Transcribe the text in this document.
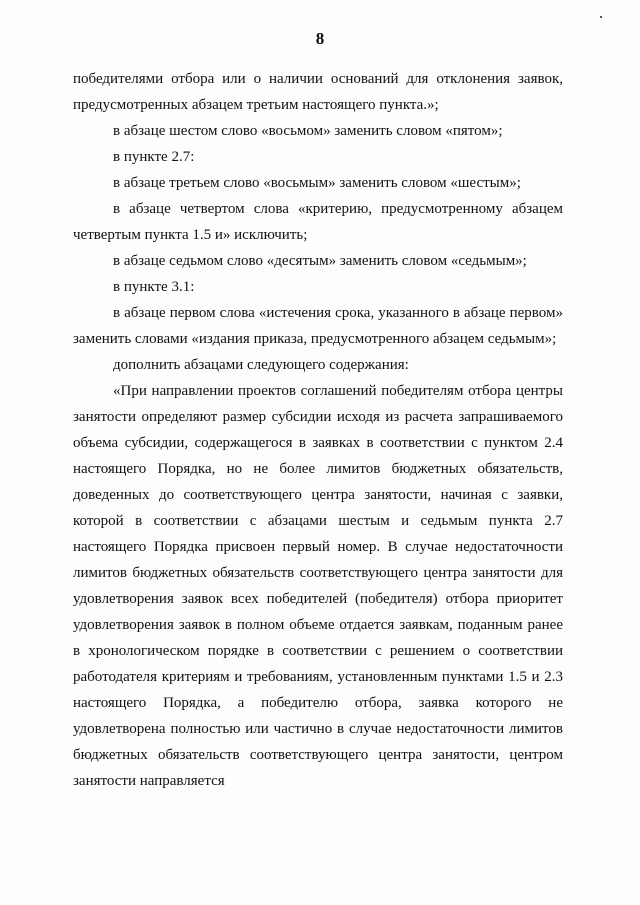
8

победителями отбора или о наличии оснований для отклонения заявок, предусмотренных абзацем третьим настоящего пункта.»;

в абзаце шестом слово «восьмом» заменить словом «пятом»;

в пункте 2.7:

в абзаце третьем слово «восьмым» заменить словом «шестым»;

в абзаце четвертом слова «критерию, предусмотренному абзацем четвертым пункта 1.5 и» исключить;

в абзаце седьмом слово «десятым» заменить словом «седьмым»;

в пункте 3.1:

в абзаце первом слова «истечения срока, указанного в абзаце первом» заменить словами «издания приказа, предусмотренного абзацем седьмым»;

дополнить абзацами следующего содержания:

«При направлении проектов соглашений победителям отбора центры занятости определяют размер субсидии исходя из расчета запрашиваемого объема субсидии, содержащегося в заявках в соответствии с пунктом 2.4 настоящего Порядка, но не более лимитов бюджетных обязательств, доведенных до соответствующего центра занятости, начиная с заявки, которой в соответствии с абзацами шестым и седьмым пункта 2.7 настоящего Порядка присвоен первый номер. В случае недостаточности лимитов бюджетных обязательств соответствующего центра занятости для удовлетворения заявок всех победителей (победителя) отбора приоритет удовлетворения заявок в полном объеме отдается заявкам, поданным ранее в хронологическом порядке в соответствии с решением о соответствии работодателя критериям и требованиям, установленным пунктами 1.5 и 2.3 настоящего Порядка, а победителю отбора, заявка которого не удовлетворена полностью или частично в случае недостаточности лимитов бюджетных обязательств соответствующего центра занятости, центром занятости направляется
